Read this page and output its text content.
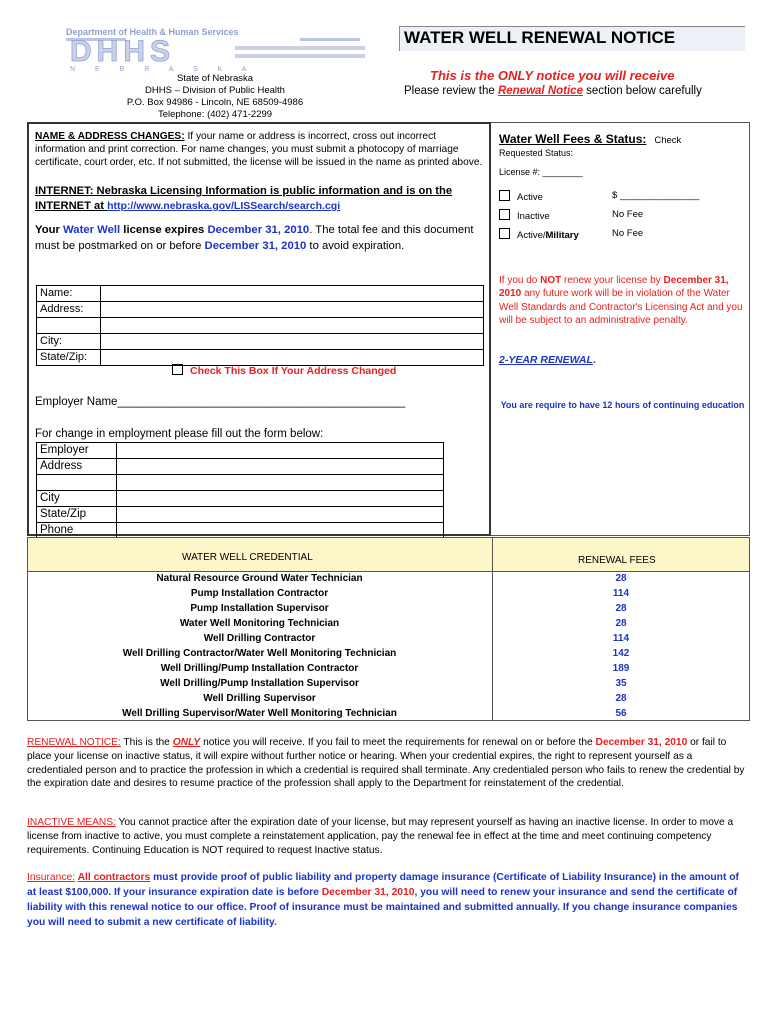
Department of Health & Human Services
DHHS
N E B R A S K A
State of Nebraska
DHHS – Division of Public Health
P.O. Box 94986 - Lincoln, NE 68509-4986
Telephone: (402) 471-2299
WATER WELL RENEWAL NOTICE
This is the ONLY notice you will receive
Please review the Renewal Notice section below carefully
NAME & ADDRESS CHANGES: If your name or address is incorrect, cross out incorrect information and print correction. For name changes, you must submit a photocopy of marriage certificate, court order, etc. If not submitted, the license will be issued in the name as printed above.
INTERNET: Nebraska Licensing Information is public information and is on the INTERNET at http://www.nebraska.gov/LISSearch/search.cgi
Your Water Well license expires December 31, 2010. The total fee and this document must be postmarked on or before December 31, 2010 to avoid expiration.
Name:	
Address:	

City:	
State/Zip:	
Check This Box If Your Address Changed
Employer Name_____________________________________________
For change in employment please fill out the form below:
Employer	
Address	

City	
State/Zip	
Phone	
Water Well Fees & Status: Check
Requested Status:
License #: ________
Active	$ _______________
Inactive	No Fee
Active/Military	No Fee
If you do NOT renew your license by December 31, 2010 any future work will be in violation of the Water Well Standards and Contractor's Licensing Act and you will be subject to an administrative penalty.
2-YEAR RENEWAL.
You are require to have 12 hours of continuing education
WATER WELL CREDENTIAL	RENEWAL FEES
Natural Resource Ground Water Technician	28
Pump Installation Contractor	114
Pump Installation Supervisor	28
Water Well Monitoring Technician	28
Well Drilling Contractor	114
Well Drilling Contractor/Water Well Monitoring Technician	142
Well Drilling/Pump Installation Contractor	189
Well Drilling/Pump Installation Supervisor	35
Well Drilling Supervisor	28
Well Drilling Supervisor/Water Well Monitoring Technician	56
RENEWAL NOTICE: This is the ONLY notice you will receive. If you fail to meet the requirements for renewal on or before the December 31, 2010 or fail to place your license on inactive status, it will expire without further notice or hearing. When your credential expires, the right to represent yourself as a credentialed person and to practice the profession in which a credential is required shall terminate. Any credentialed person who fails to renew the credential by the expiration date and desires to resume practice of the profession shall apply to the Department for reinstatement of the credential.
INACTIVE MEANS: You cannot practice after the expiration date of your license, but may represent yourself as having an inactive license. In order to move a license from inactive to active, you must complete a reinstatement application, pay the renewal fee in effect at the time and meet continuing competency requirements. Continuing Education is NOT required to request Inactive status.
Insurance: All contractors must provide proof of public liability and property damage insurance (Certificate of Liability Insurance) in the amount of at least $100,000. If your insurance expiration date is before December 31, 2010, you will need to renew your insurance and send the certificate of liability with this renewal notice to our office. Proof of insurance must be maintained and submitted annually. If you change insurance companies you will need to submit a new certificate of liability.
